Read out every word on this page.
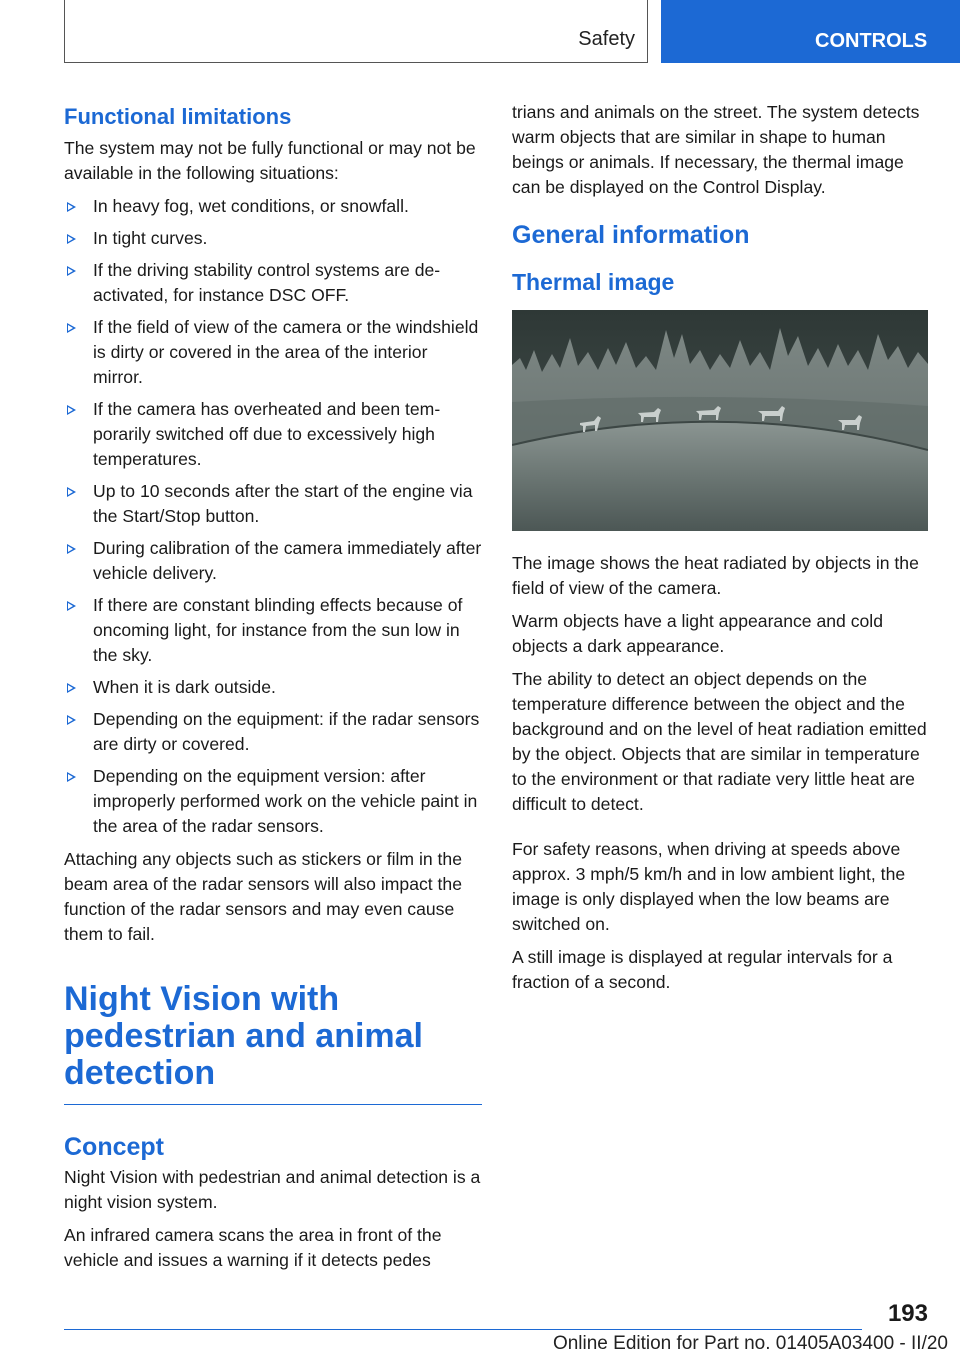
Safety	CONTROLS
Functional limitations

The system may not be fully functional or may not be available in the following situations:

In heavy fog, wet conditions, or snowfall.
In tight curves.
If the driving stability control systems are deactivated, for instance DSC OFF.
If the field of view of the camera or the windshield is dirty or covered in the area of the interior mirror.
If the camera has overheated and been temporarily switched off due to excessively high temperatures.
Up to 10 seconds after the start of the engine via the Start/Stop button.
During calibration of the camera immediately after vehicle delivery.
If there are constant blinding effects because of oncoming light, for instance from the sun low in the sky.
When it is dark outside.
Depending on the equipment: if the radar sensors are dirty or covered.
Depending on the equipment version: after improperly performed work on the vehicle paint in the area of the radar sensors.

Attaching any objects such as stickers or film in the beam area of the radar sensors will also impact the function of the radar sensors and may even cause them to fail.

Night Vision with pedestrian and animal detection
Concept

Night Vision with pedestrian and animal detection is a night vision system.

An infrared camera scans the area in front of the vehicle and issues a warning if it detects pedes

trians and animals on the street. The system detects warm objects that are similar in shape to human beings or animals. If necessary, the thermal image can be displayed on the Control Display.

General information
Thermal image

The image shows the heat radiated by objects in the field of view of the camera.

Warm objects have a light appearance and cold objects a dark appearance.

The ability to detect an object depends on the temperature difference between the object and the background and on the level of heat radiation emitted by the object. Objects that are similar in temperature to the environment or that radiate very little heat are difficult to detect.

For safety reasons, when driving at speeds above approx. 3 mph/5 km/h and in low ambient light, the image is only displayed when the low beams are switched on.

A still image is displayed at regular intervals for a fraction of a second.

193
Online Edition for Part no. 01405A03400 - II/20
